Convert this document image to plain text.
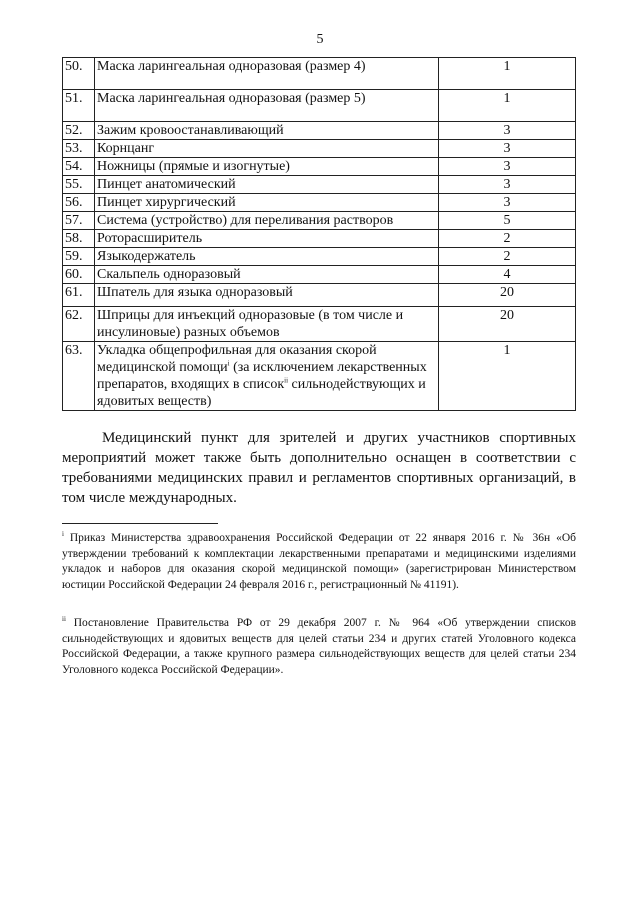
5
50.	Маска ларингеальная одноразовая (размер 4)	1
51.	Маска ларингеальная одноразовая (размер 5)	1
52.	Зажим кровоостанавливающий	3
53.	Корнцанг	3
54.	Ножницы (прямые и изогнутые)	3
55.	Пинцет анатомический	3
56.	Пинцет хирургический	3
57.	Система (устройство) для переливания растворов	5
58.	Роторасширитель	2
59.	Языкодержатель	2
60.	Скальпель одноразовый	4
61.	Шпатель для языка одноразовый	20
62.	Шприцы для инъекций одноразовые (в том числе и инсулиновые) разных объемов	20
63.	Укладка общепрофильная для оказания скорой медицинской помощи$^i$ (за исключением лекарственных препаратов, входящих в список$^{ii}$ сильнодействующих и ядовитых веществ)	1

Медицинский пункт для зрителей и других участников спортивных мероприятий может также быть дополнительно оснащен в соответствии с требованиями медицинских правил и регламентов спортивных организаций, в том числе международных.

$^i$ Приказ Министерства здравоохранения Российской Федерации от 22 января 2016 г. № 36н «Об утверждении требований к комплектации лекарственными препаратами и медицинскими изделиями укладок и наборов для оказания скорой медицинской помощи» (зарегистрирован Министерством юстиции Российской Федерации 24 февраля 2016 г., регистрационный № 41191).

$^{ii}$ Постановление Правительства РФ от 29 декабря 2007 г. № 964 «Об утверждении списков сильнодействующих и ядовитых веществ для целей статьи 234 и других статей Уголовного кодекса Российской Федерации, а также крупного размера сильнодействующих веществ для целей статьи 234 Уголовного кодекса Российской Федерации».
